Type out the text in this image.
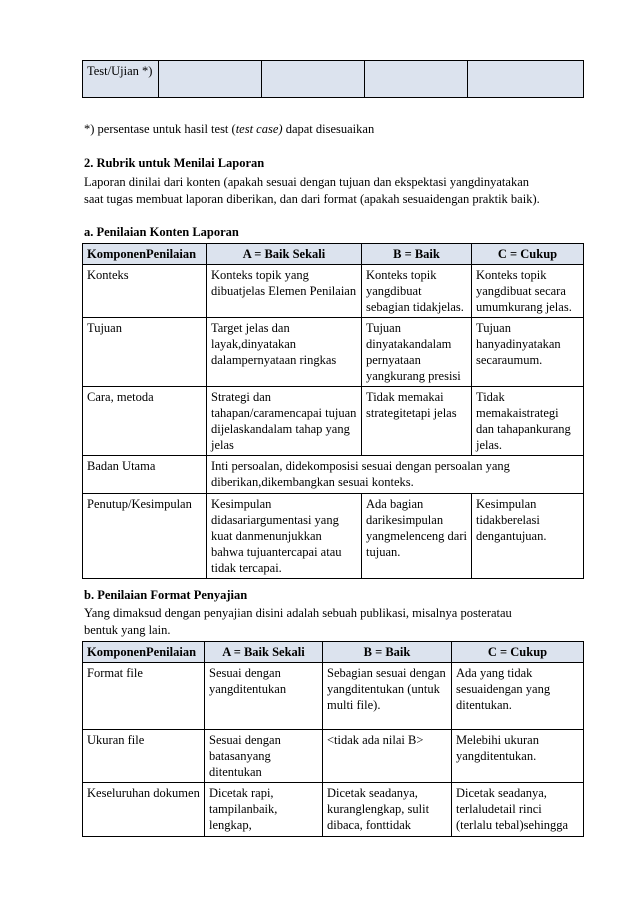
Test/Ujian *)				
*) persentase untuk hasil test (test case) dapat disesuaikan
2. Rubrik untuk Menilai Laporan
Laporan dinilai dari konten (apakah sesuai dengan tujuan dan ekspektasi yangdinyatakan
saat tugas membuat laporan diberikan, dan dari format (apakah sesuaidengan praktik baik).
a. Penilaian Konten Laporan
KomponenPenilaian	A = Baik Sekali	B = Baik	C = Cukup
Konteks	Konteks topik yang dibuatjelas Elemen Penilaian	Konteks topik yangdibuat sebagian tidakjelas.	Konteks topik yangdibuat secara umumkurang jelas.
Tujuan	Target jelas dan layak,dinyatakan dalampernyataan ringkas	Tujuan dinyatakandalam pernyataan yangkurang presisi	Tujuan hanyadinyatakan secaraumum.
Cara, metoda	Strategi dan tahapan/caramencapai tujuan dijelaskandalam tahap yang jelas	Tidak memakai strategitetapi jelas	Tidak memakaistrategi dan tahapankurang jelas.
Badan Utama	Inti persoalan, didekomposisi sesuai dengan persoalan yang diberikan,dikembangkan sesuai konteks.		
Penutup/Kesimpulan	Kesimpulan didasariargumentasi yang kuat danmenunjukkan bahwa tujuantercapai atau tidak tercapai.	Ada bagian darikesimpulan yangmelenceng dari tujuan.	Kesimpulan tidakberelasi dengantujuan.
b. Penilaian Format Penyajian
Yang dimaksud dengan penyajian disini adalah sebuah publikasi, misalnya posteratau
bentuk yang lain.
KomponenPenilaian	A = Baik Sekali	B = Baik	C = Cukup
Format file	Sesuai dengan yangditentukan	Sebagian sesuai dengan yangditentukan (untuk multi file).	Ada yang tidak sesuaidengan yang ditentukan.
Ukuran file	Sesuai dengan batasanyang ditentukan	<tidak ada nilai B>	Melebihi ukuran yangditentukan.
Keseluruhan dokumen	Dicetak rapi, tampilanbaik, lengkap,	Dicetak seadanya, kuranglengkap, sulit dibaca, fonttidak	Dicetak seadanya, terlaludetail rinci (terlalu tebal)sehingga
